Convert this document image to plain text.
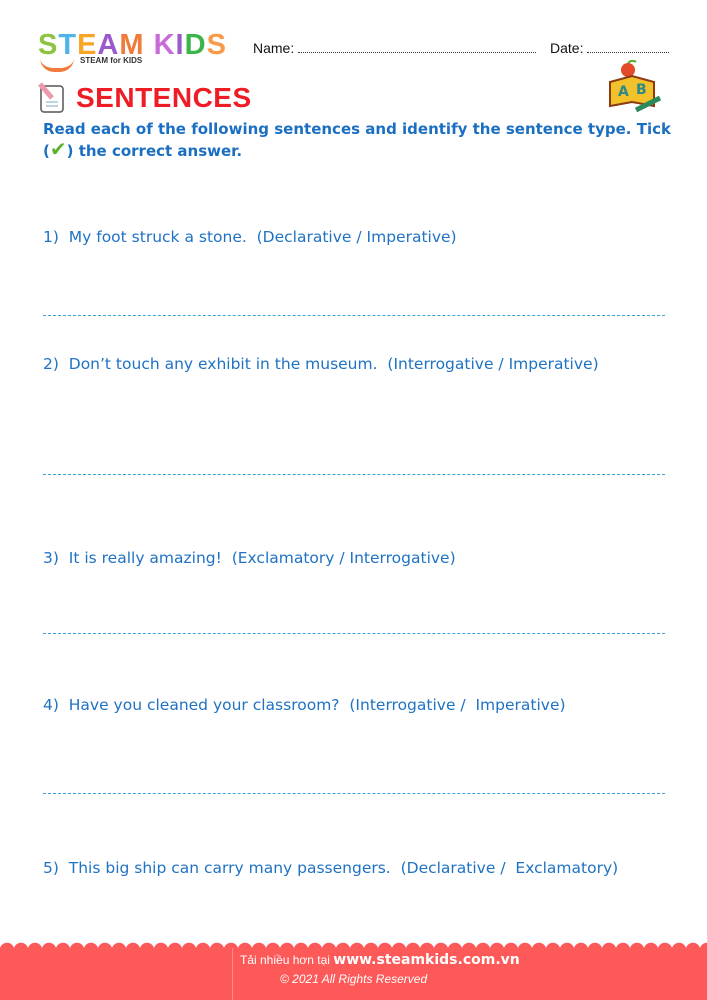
STEAM KIDS
STEAM for KIDS
Name:	Date:
SENTENCES	A B
Read each of the following sentences and identify the sentence type. Tick (✔) the correct answer.
1)  My foot struck a stone.  (Declarative / Imperative)
2)  Don’t touch any exhibit in the museum.  (Interrogative / Imperative)
3)  It is really amazing!  (Exclamatory / Interrogative)
4)  Have you cleaned your classroom?  (Interrogative /  Imperative)
5)  This big ship can carry many passengers.  (Declarative /  Exclamatory)
Tải nhiều hơn tại www.steamkids.com.vn
© 2021 All Rights Reserved
